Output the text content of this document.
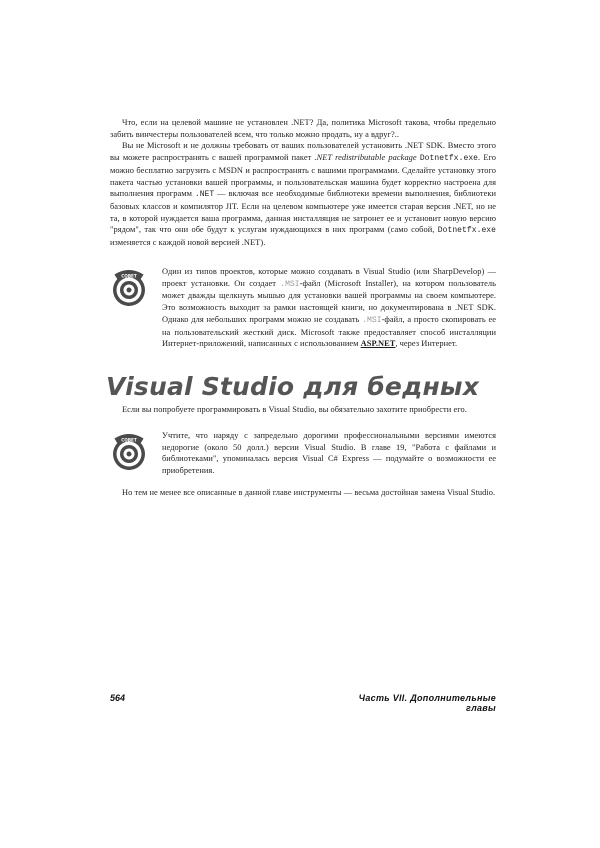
Что, если на целевой машине не установлен .NET? Да, политика Microsoft такова, чтобы предельно забить винчестеры пользователей всем, что только можно продать, ну а вдруг?..

Вы не Microsoft и не должны требовать от ваших пользователей установить .NET SDK. Вместо этого вы можете распространять с вашей программой пакет .NET redistributable package Dotnetfx.exe. Его можно бесплатно загрузить с MSDN и распространять с вашими программами. Сделайте установку этого пакета частью установки вашей программы, и пользовательская машина будет корректно настроена для выполнения программ .NET — включая все необходимые библиотеки времени выполнения, библиотеки базовых классов и компилятор JIT. Если на целевом компьютере уже имеется старая версия .NET, но не та, в которой нуждается ваша программа, данная инсталляция не затронет ее и установит новую версию "рядом", так что они обе будут к услугам нуждающихся в них программ (само собой, Dotnetfx.exe изменяется с каждой новой версией .NET).

СОВЕТ	Один из типов проектов, которые можно создавать в Visual Studio (или SharpDevelop) — проект установки. Он создает .MSI-файл (Microsoft Installer), на котором пользователь может дважды щелкнуть мышью для установки вашей программы на своем компьютере. Это возможность выходит за рамки настоящей книги, но документирована в .NET SDK. Однако для небольших программ можно не создавать .MSI-файл, а просто скопировать ее на пользовательский жесткий диск. Microsoft также предоставляет способ инсталляции Интернет-приложений, написанных с использованием ASP.NET, через Интернет.

Visual Studio для бедных

Если вы попробуете программировать в Visual Studio, вы обязательно захотите приобрести его.

СОВЕТ	Учтите, что наряду с запредельно дорогими профессиональными версиями имеются недорогие (около 50 долл.) версии Visual Studio. В главе 19, "Работа с файлами и библиотеками", упоминалась версия Visual C# Express — подумайте о возможности ее приобретения.

Но тем не менее все описанные в данной главе инструменты — весьма достойная замена Visual Studio.

564	Часть VII. Дополнительные главы
